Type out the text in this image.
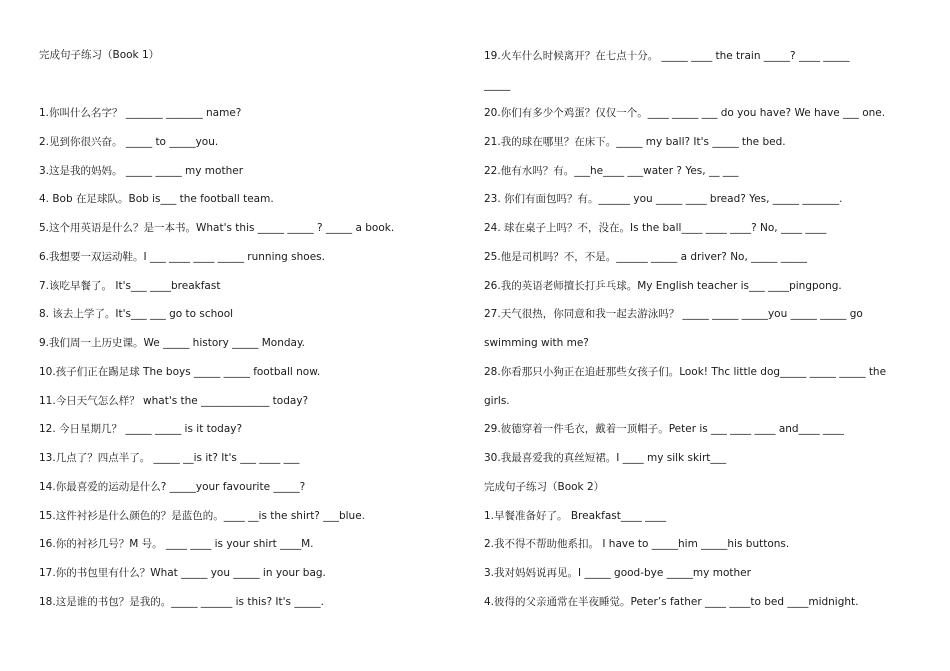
完成句子练习（Book 1）
1.你叫什么名字？ _______ _______ name?
2.见到你很兴奋。 _____ to _____you.
3.这是我的妈妈。 _____ _____ my mother
4. Bob 在足球队。Bob is___ the football team.
5.这个用英语是什么？是一本书。What's this _____ _____ ? _____ a book.
6.我想要一双运动鞋。I ___ ____ ____ _____ running shoes.
7.该吃早餐了。 It's___ ____breakfast
8. 该去上学了。It's___ ___ go to school
9.我们周一上历史课。We _____ history _____ Monday.
10.孩子们正在踢足球 The boys _____ _____ football now.
11.今日天气怎么样？ what's the _____________ today?
12. 今日星期几？ _____ _____ is it today?
13.几点了？四点半了。 _____ __is it? It's ___ ____ ___
14.你最喜爱的运动是什么? _____your favourite _____?
15.这件衬衫是什么颜色的？是蓝色的。____ __is the shirt? ___blue.
16.你的衬衫几号？M 号。 ____ ____ is your shirt ____M.
17.你的书包里有什么？What _____ you _____ in your bag.
18.这是谁的书包？是我的。_____ ______ is this? It's _____.
19.火车什么时候离开？在七点十分。 _____ ____ the train _____? ____ _____
_____
20.你们有多少个鸡蛋？仅仅一个。____ _____ ___ do you have? We have ___ one.
21.我的球在哪里？在床下。_____ my ball? It's _____ the bed.
22.他有水吗？有。___he____ ___water ? Yes, __ ___
23. 你们有面包吗？有。______ you _____ ____ bread? Yes, _____ _______.
24. 球在桌子上吗？不，没在。Is the ball____ ____ ____? No, ____ ____
25.他是司机吗？不，不是。______ _____ a driver? No, _____ _____
26.我的英语老师擅长打乒乓球。My English teacher is___ ____pingpong.
27.天气很热，你同意和我一起去游泳吗？ _____ _____ _____you _____ _____ go
swimming with me?
28.你看那只小狗正在追赶那些女孩子们。Look! Thc little dog_____ _____ _____ the
girls.
29.彼德穿着一件毛衣，戴着一顶帽子。Peter is ___ ____ ____ and____ ____
30.我最喜爱我的真丝短裙。I ____ my silk skirt___
完成句子练习（Book 2）
1.早餐准备好了。 Breakfast____ ____
2.我不得不帮助他系扣。 I have to _____him _____his buttons.
3.我对妈妈说再见。I _____ good-bye _____my mother
4.彼得的父亲通常在半夜睡觉。Peter’s father ____ ____to bed ____midnight.
